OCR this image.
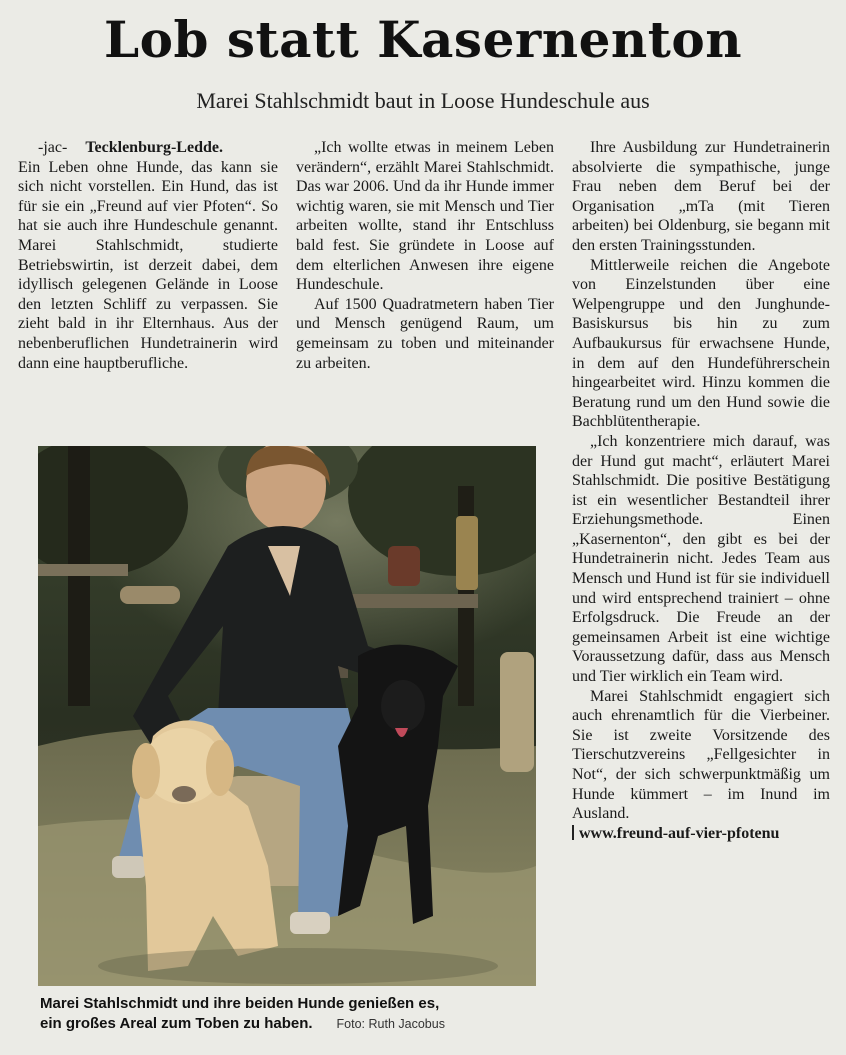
Lob statt Kasernenton
Marei Stahlschmidt baut in Loose Hundeschule aus

-jac- Tecklenburg-Ledde.

Ein Leben ohne Hunde, das kann sie sich nicht vorstellen. Ein Hund, das ist für sie ein „Freund auf vier Pfoten“. So hat sie auch ihre Hundeschule genannt. Marei Stahlschmidt, studierte Betriebswirtin, ist derzeit dabei, dem idyllisch gelegenen Gelände in Loose den letzten Schliff zu verpassen. Sie zieht bald in ihr Elternhaus. Aus der nebenberuflichen Hundetrainerin wird dann eine hauptberufliche.

„Ich wollte etwas in meinem Leben verändern“, erzählt Marei Stahlschmidt. Das war 2006. Und da ihr Hunde immer wichtig waren, sie mit Mensch und Tier arbeiten wollte, stand ihr Entschluss bald fest. Sie gründete in Loose auf dem elterlichen Anwesen ihre eigene Hundeschule.

Auf 1500 Quadratmetern haben Tier und Mensch genügend Raum, um gemeinsam zu toben und miteinander zu arbeiten.

Ihre Ausbildung zur Hundetrainerin absolvierte die sympathische, junge Frau neben dem Beruf bei der Organisation „mTa (mit Tieren arbeiten) bei Oldenburg, sie begann mit den ersten Trainingsstunden.

Mittlerweile reichen die Angebote von Einzelstunden über eine Welpengruppe und den Junghunde-Basiskursus bis hin zu zum Aufbaukursus für erwachsene Hunde, in dem auf den Hundeführerschein hingearbeitet wird. Hinzu kommen die Beratung rund um den Hund sowie die Bachblütentherapie.

„Ich konzentriere mich darauf, was der Hund gut macht“, erläutert Marei Stahlschmidt. Die positive Bestätigung ist ein wesentlicher Bestandteil ihrer Erziehungsmethode. Einen „Kasernenton“, den gibt es bei der Hundetrainerin nicht. Jedes Team aus Mensch und Hund ist für sie individuell und wird entsprechend trainiert – ohne Erfolgsdruck. Die Freude an der gemeinsamen Arbeit ist eine wichtige Voraussetzung dafür, dass aus Mensch und Tier wirklich ein Team wird.

Marei Stahlschmidt engagiert sich auch ehrenamtlich für die Vierbeiner. Sie ist zweite Vorsitzende des Tierschutzvereins „Fellgesichter in Not“, der sich schwerpunktmäßig um Hunde kümmert – im Inund im Ausland.

www.freund-auf-vier-pfotenu

Marei Stahlschmidt und ihre beiden Hunde genießen es,
ein großes Areal zum Toben zu haben. Foto: Ruth Jacobus
